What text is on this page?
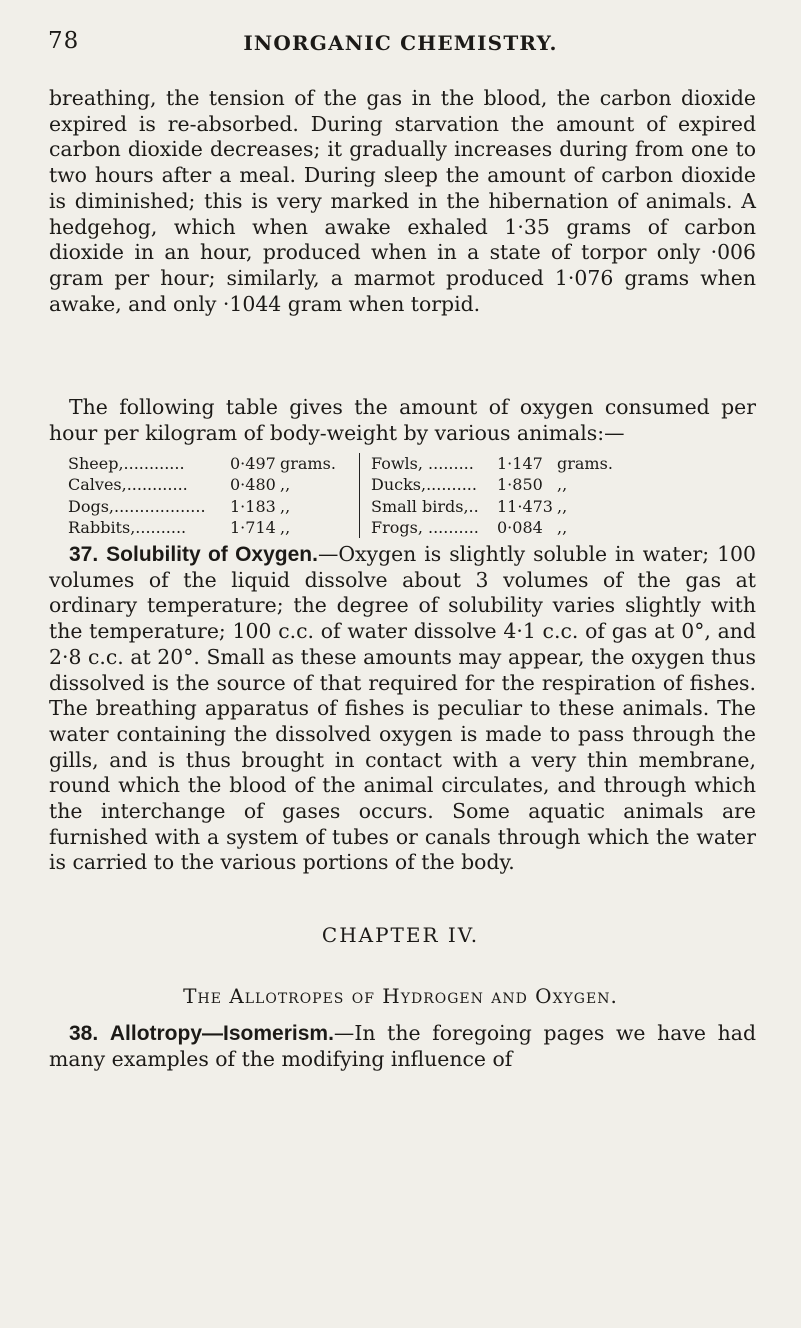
78	INORGANIC CHEMISTRY.

breathing, the tension of the gas in the blood, the carbon dioxide expired is re-absorbed. During starvation the amount of expired carbon dioxide decreases; it gradually increases during from one to two hours after a meal. During sleep the amount of carbon dioxide is diminished; this is very marked in the hibernation of animals. A hedgehog, which when awake exhaled 1·35 grams of carbon dioxide in an hour, produced when in a state of torpor only ·006 gram per hour; similarly, a marmot produced 1·076 grams when awake, and only ·1044 gram when torpid.

The following table gives the amount of oxygen consumed per hour per kilogram of body-weight by various animals:—

Sheep,............	0·497 grams.
Calves,............	0·480 ,,
Dogs,.................. 1·183 ,,
Rabbits,..........	1·714 ,,
Fowls, ......... 1·147 grams.
Ducks,.......... 1·850 ,,
Small birds,.. 11·473 ,,
Frogs, .......... 0·084 ,,

37. Solubility of Oxygen.—Oxygen is slightly soluble in water; 100 volumes of the liquid dissolve about 3 volumes of the gas at ordinary temperature; the degree of solubility varies slightly with the temperature; 100 c.c. of water dissolve 4·1 c.c. of gas at 0°, and 2·8 c.c. at 20°. Small as these amounts may appear, the oxygen thus dissolved is the source of that required for the respiration of fishes. The breathing apparatus of fishes is peculiar to these animals. The water containing the dissolved oxygen is made to pass through the gills, and is thus brought in contact with a very thin membrane, round which the blood of the animal circulates, and through which the interchange of gases occurs. Some aquatic animals are furnished with a system of tubes or canals through which the water is carried to the various portions of the body.

CHAPTER IV.
The Allotropes of Hydrogen and Oxygen.

38. Allotropy—Isomerism.—In the foregoing pages we have had many examples of the modifying influence of
